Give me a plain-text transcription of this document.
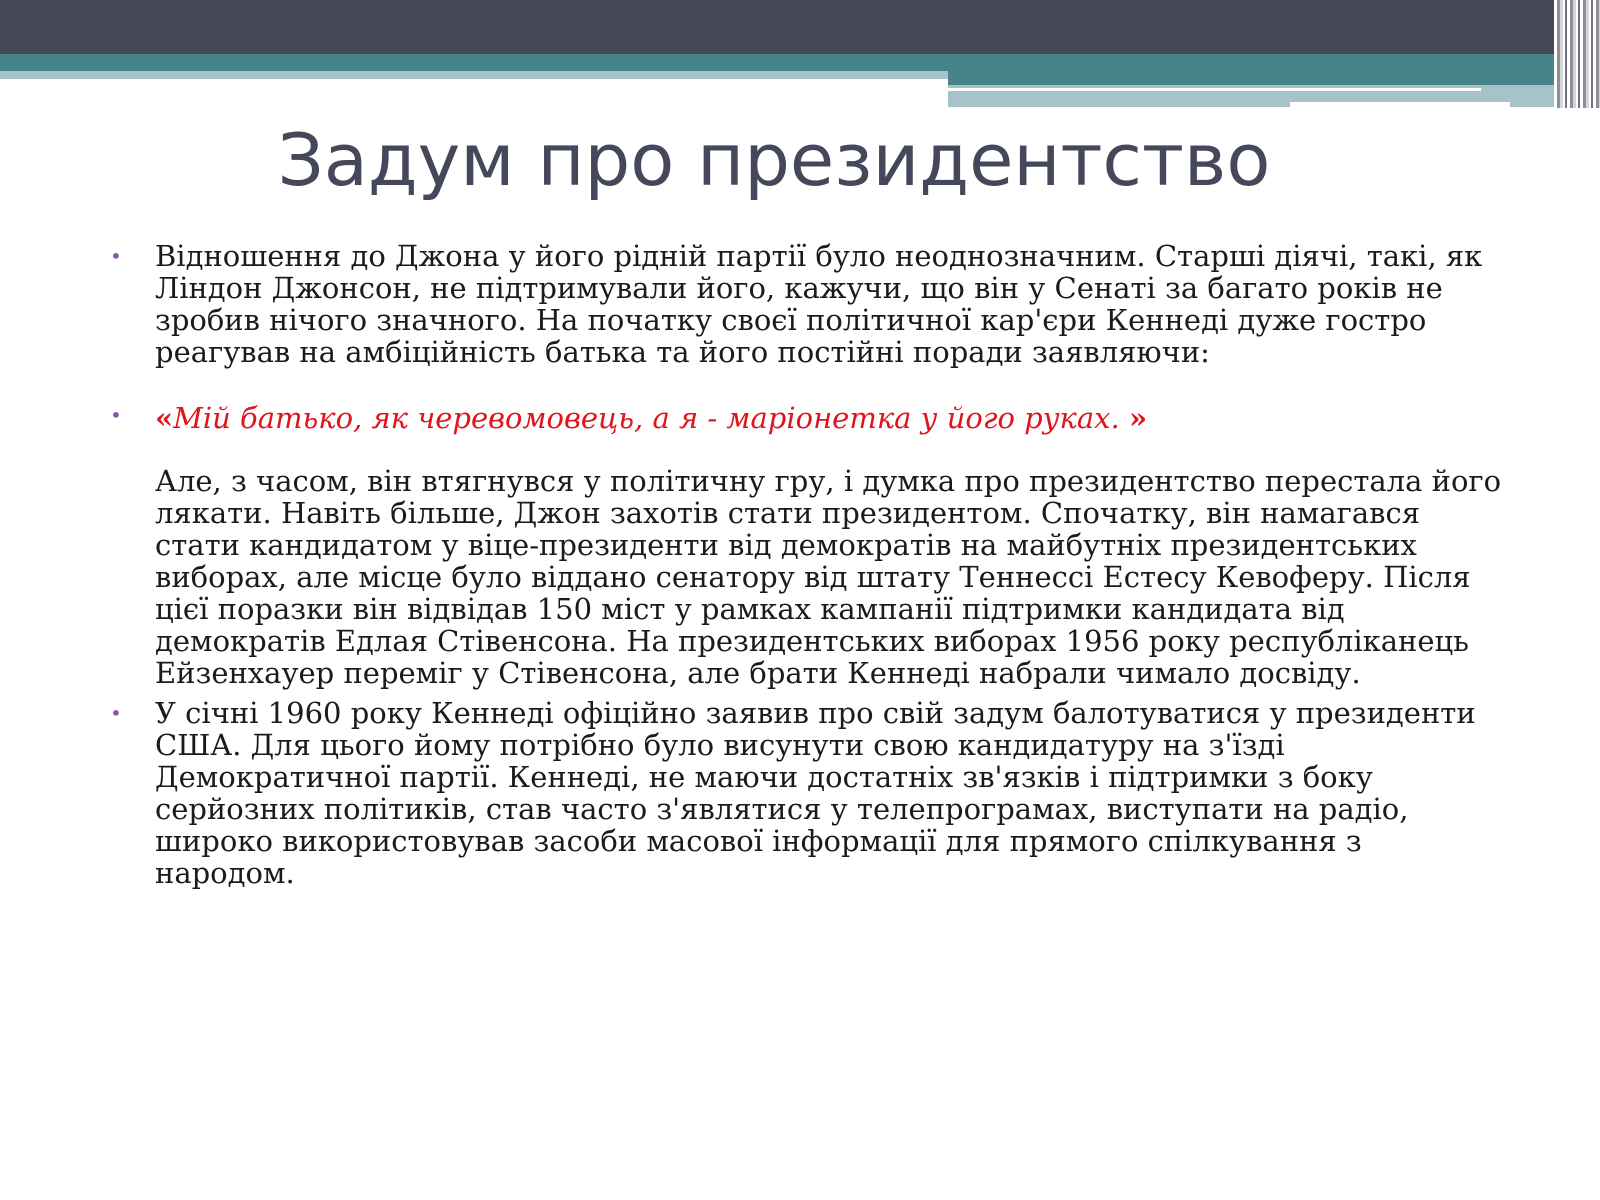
Задум про президентство

• Відношення до Джона у його рідній партії було неоднозначним. Старші діячі, такі, як Ліндон Джонсон, не підтримували його, кажучи, що він у Сенаті за багато років не зробив нічого значного. На початку своєї політичної кар'єри Кеннеді дуже гостро реагував на амбіційність батька та його постійні поради заявляючи:

• «Мій батько, як черевомовець, а я - маріонетка у його руках. »

Але, з часом, він втягнувся у політичну гру, і думка про президентство перестала його лякати. Навіть більше, Джон захотів стати президентом. Спочатку, він намагався стати кандидатом у віце-президенти від демократів на майбутніх президентських виборах, але місце було віддано сенатору від штату Теннессі Естесу Кевоферу. Після цієї поразки він відвідав 150 міст у рамках кампанії підтримки кандидата від демократів Едлая Стівенсона. На президентських виборах 1956 року республіканець Ейзенхауер переміг у Стівенсона, але брати Кеннеді набрали чимало досвіду.

• У січні 1960 року Кеннеді офіційно заявив про свій задум балотуватися у президенти США. Для цього йому потрібно було висунути свою кандидатуру на з'їзді Демократичної партії. Кеннеді, не маючи достатніх зв'язків і підтримки з боку серйозних політиків, став часто з'являтися у телепрограмах, виступати на радіо, широко використовував засоби масової інформації для прямого спілкування з народом.
